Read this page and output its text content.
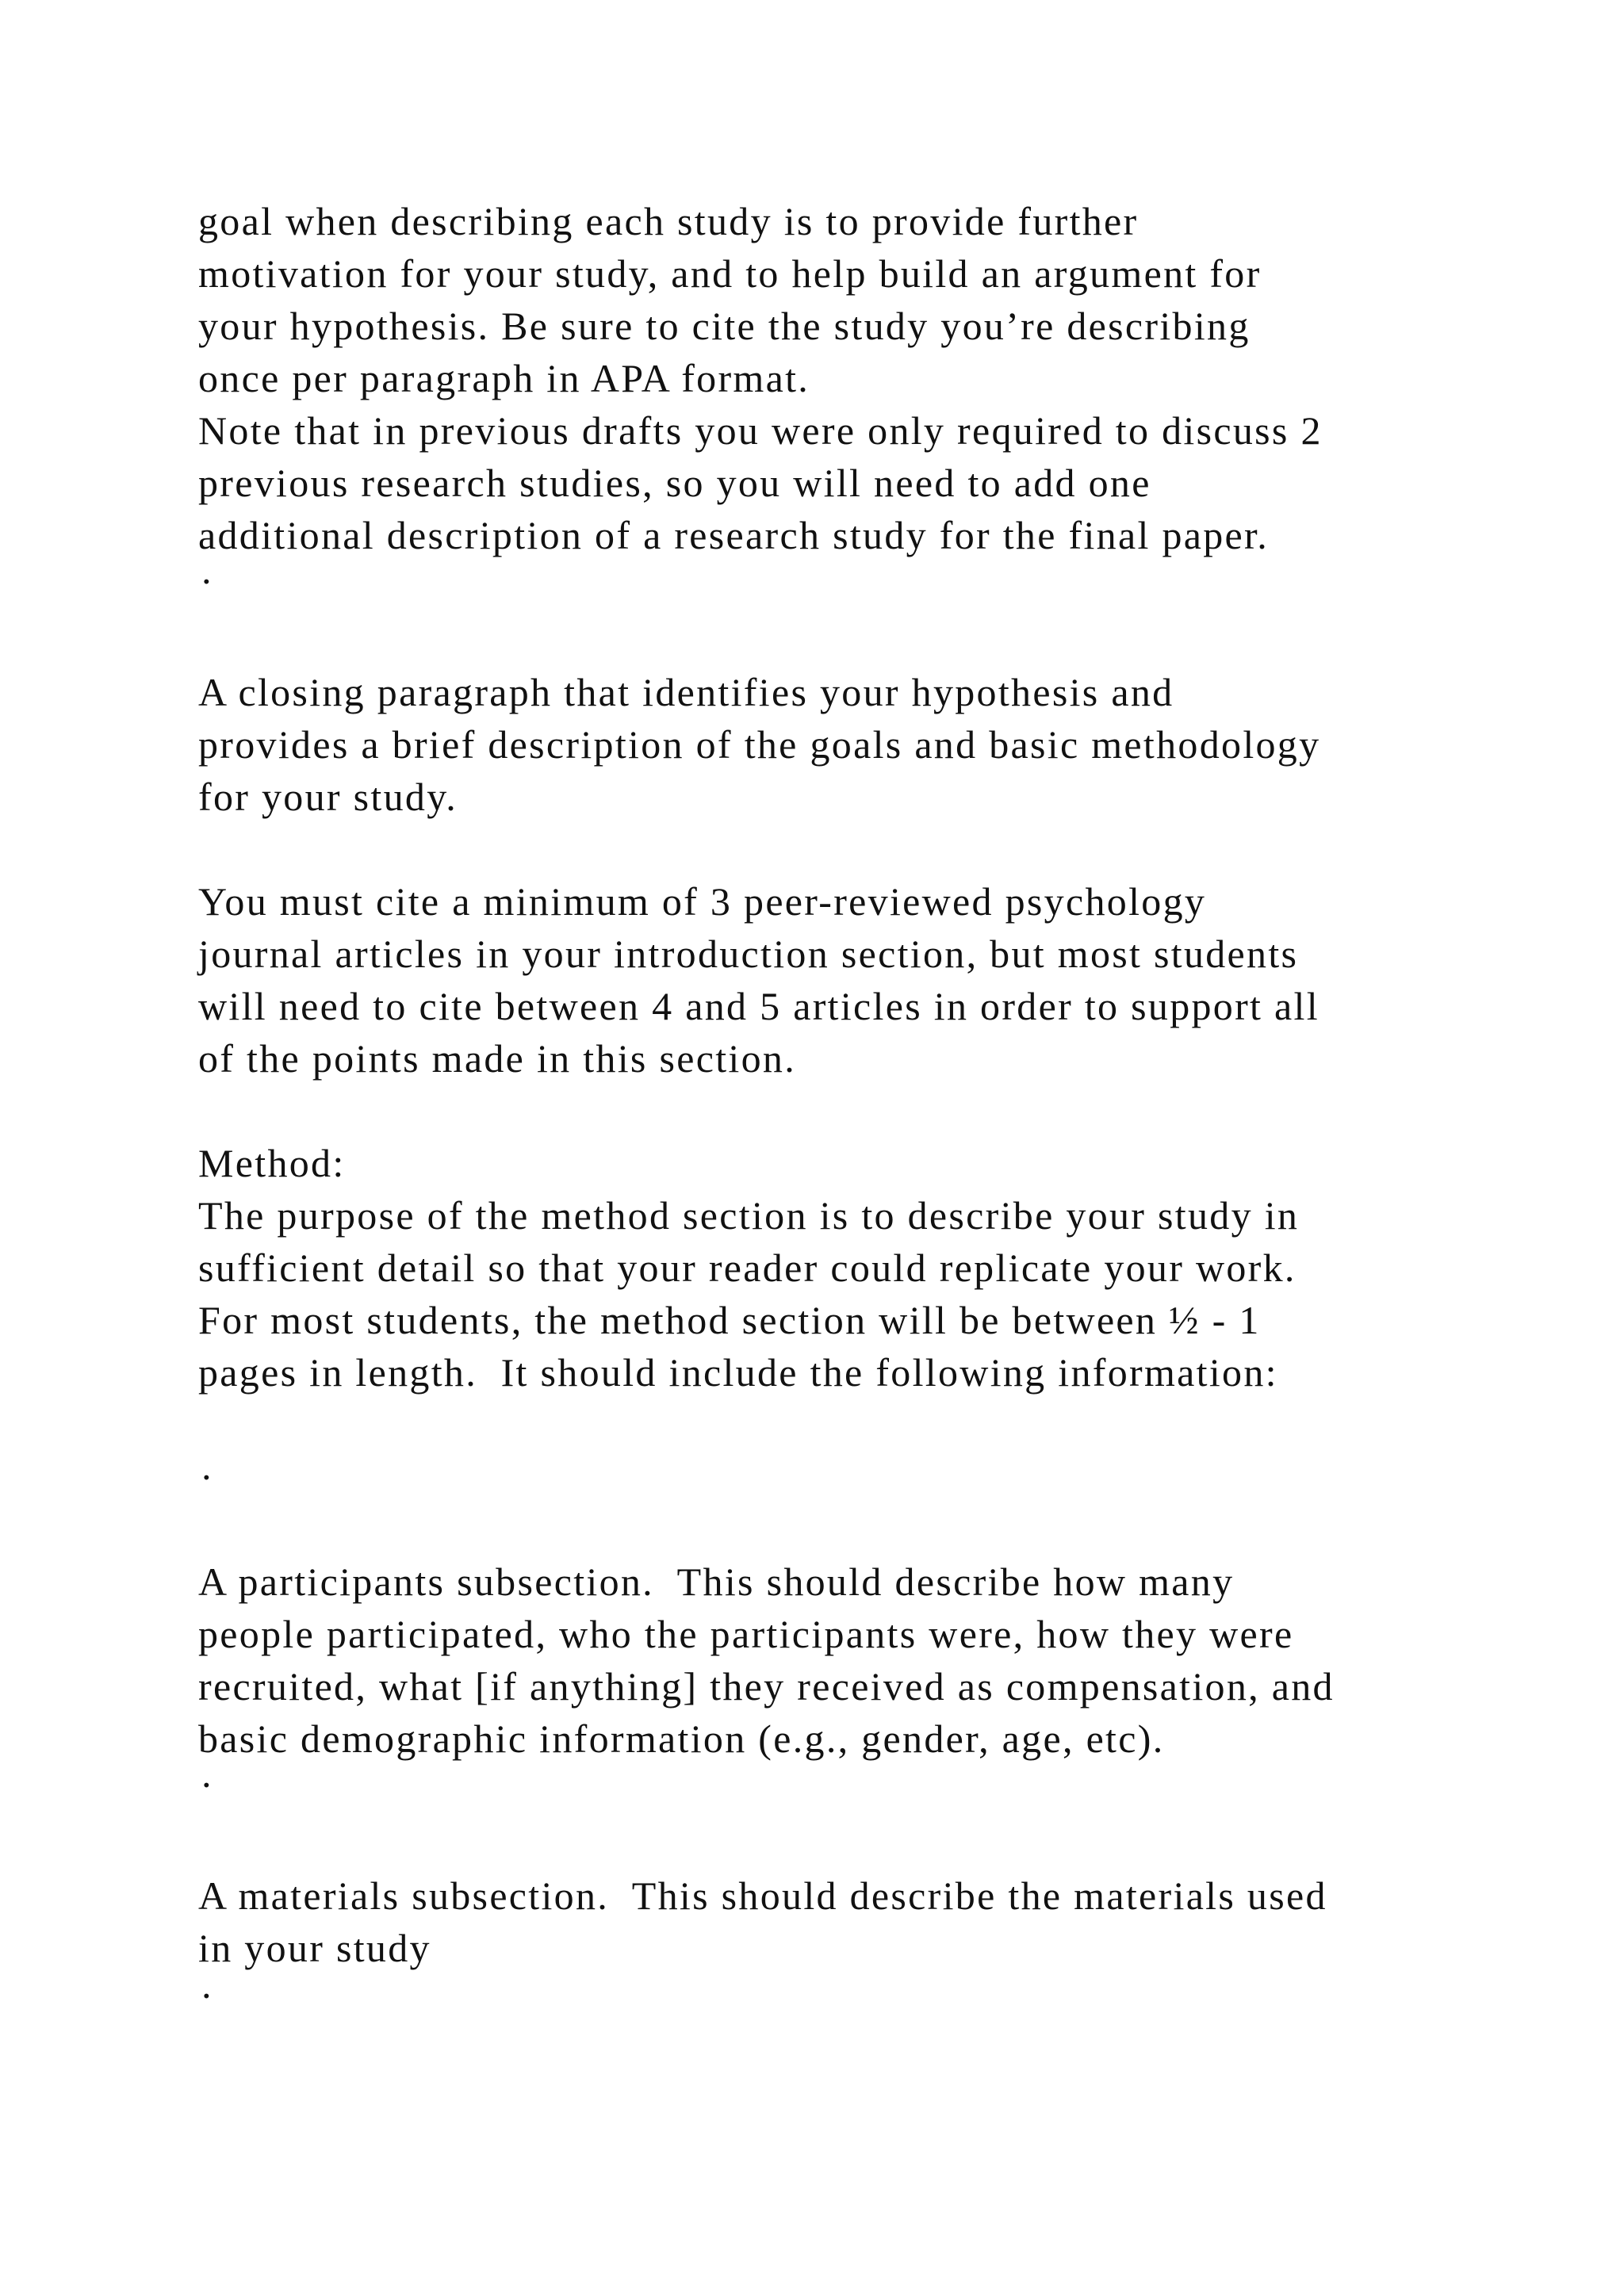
goal when describing each study is to provide further
motivation for your study, and to help build an argument for
your hypothesis. Be sure to cite the study you’re describing
once per paragraph in APA format.
Note that in previous drafts you were only required to discuss 2
previous research studies, so you will need to add one
additional description of a research study for the final paper.
·
A closing paragraph that identifies your hypothesis and
provides a brief description of the goals and basic methodology
for your study.
You must cite a minimum of 3 peer-reviewed psychology
journal articles in your introduction section, but most students
will need to cite between 4 and 5 articles in order to support all
of the points made in this section.
Method:
The purpose of the method section is to describe your study in
sufficient detail so that your reader could replicate your work.
For most students, the method section will be between ½ - 1
pages in length.  It should include the following information:
·
A participants subsection.  This should describe how many
people participated, who the participants were, how they were
recruited, what [if anything] they received as compensation, and
basic demographic information (e.g., gender, age, etc).
·
A materials subsection.  This should describe the materials used
in your study
·
